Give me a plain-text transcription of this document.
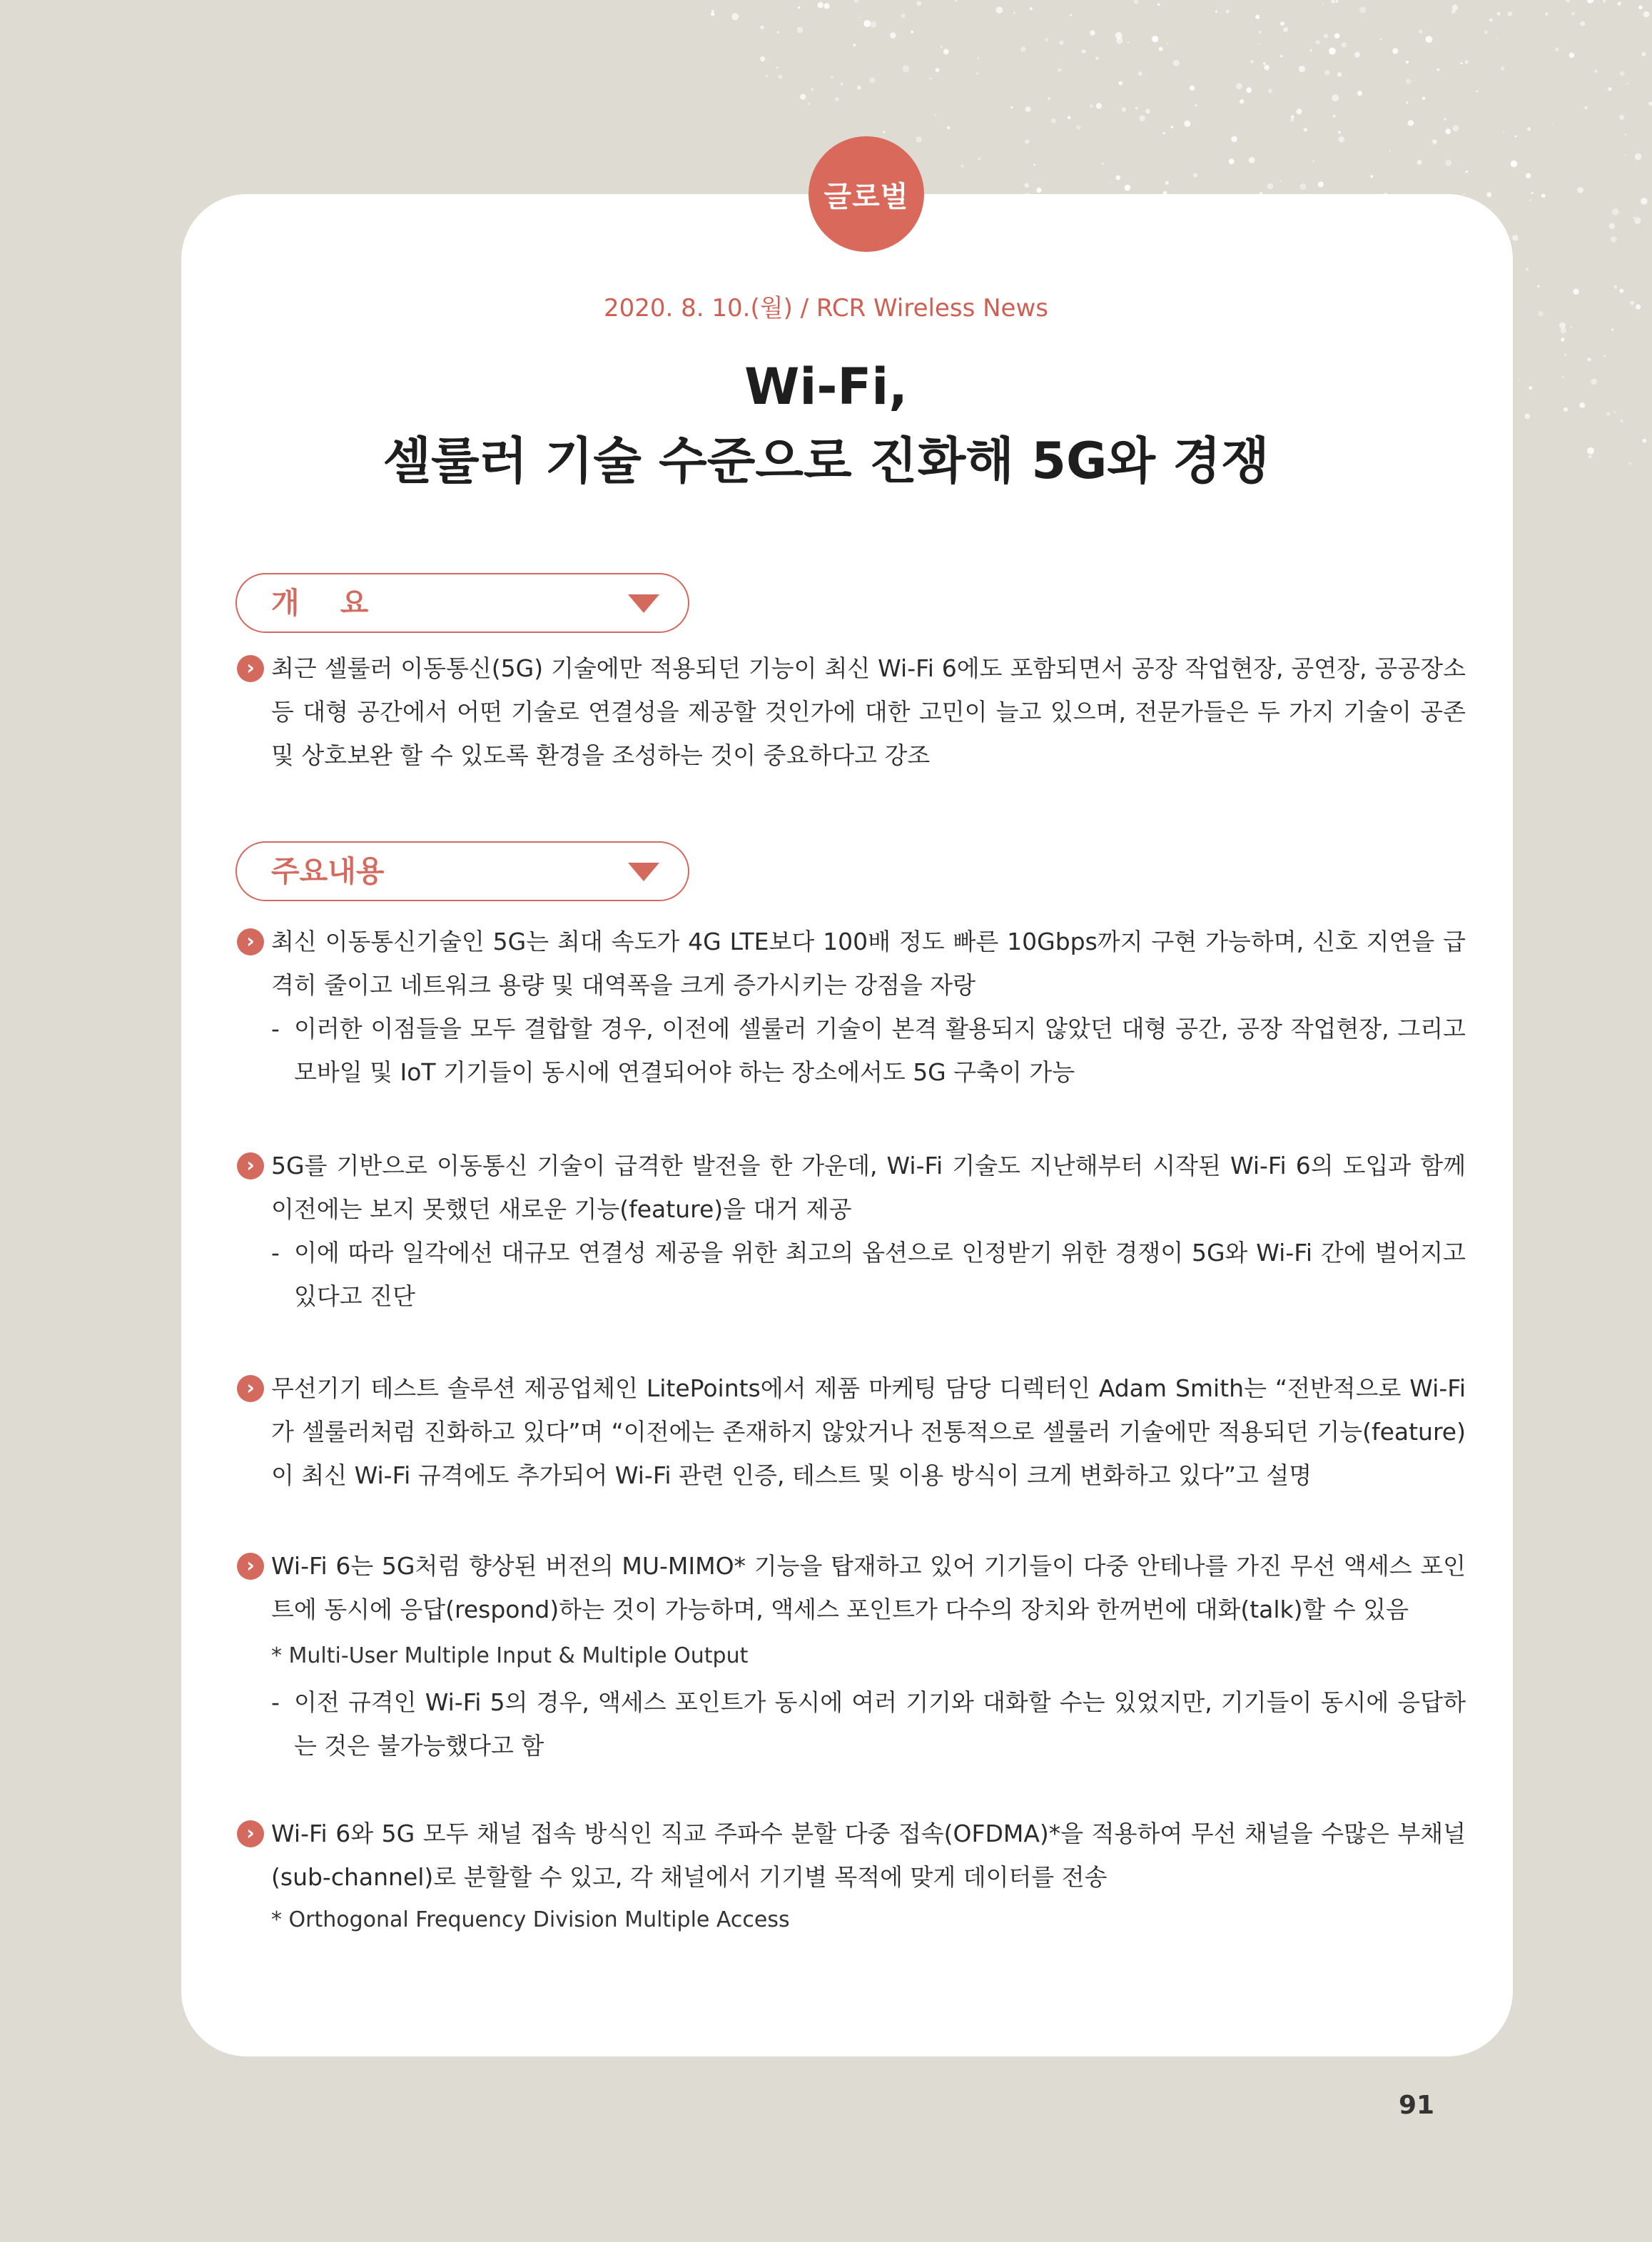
글로벌
2020. 8. 10.(월) / RCR Wireless News
Wi-Fi,
셀룰러 기술 수준으로 진화해 5G와 경쟁
개    요
› 최근 셀룰러 이동통신(5G) 기술에만 적용되던 기능이 최신 Wi-Fi 6에도 포함되면서 공장 작업현장, 공연장, 공공장소 등 대형 공간에서 어떤 기술로 연결성을 제공할 것인가에 대한 고민이 늘고 있으며, 전문가들은 두 가지 기술이 공존 및 상호보완 할 수 있도록 환경을 조성하는 것이 중요하다고 강조
주요내용
› 최신 이동통신기술인 5G는 최대 속도가 4G LTE보다 100배 정도 빠른 10Gbps까지 구현 가능하며, 신호 지연을 급격히 줄이고 네트워크 용량 및 대역폭을 크게 증가시키는 강점을 자랑
- 이러한 이점들을 모두 결합할 경우, 이전에 셀룰러 기술이 본격 활용되지 않았던 대형 공간, 공장 작업현장, 그리고 모바일 및 IoT 기기들이 동시에 연결되어야 하는 장소에서도 5G 구축이 가능
› 5G를 기반으로 이동통신 기술이 급격한 발전을 한 가운데, Wi-Fi 기술도 지난해부터 시작된 Wi-Fi 6의 도입과 함께 이전에는 보지 못했던 새로운 기능(feature)을 대거 제공
- 이에 따라 일각에선 대규모 연결성 제공을 위한 최고의 옵션으로 인정받기 위한 경쟁이 5G와 Wi-Fi 간에 벌어지고 있다고 진단
› 무선기기 테스트 솔루션 제공업체인 LitePoints에서 제품 마케팅 담당 디렉터인 Adam Smith는 “전반적으로 Wi-Fi가 셀룰러처럼 진화하고 있다”며 “이전에는 존재하지 않았거나 전통적으로 셀룰러 기술에만 적용되던 기능(feature)이 최신 Wi-Fi 규격에도 추가되어 Wi-Fi 관련 인증, 테스트 및 이용 방식이 크게 변화하고 있다”고 설명
› Wi-Fi 6는 5G처럼 향상된 버전의 MU-MIMO* 기능을 탑재하고 있어 기기들이 다중 안테나를 가진 무선 액세스 포인트에 동시에 응답(respond)하는 것이 가능하며, 액세스 포인트가 다수의 장치와 한꺼번에 대화(talk)할 수 있음
* Multi-User Multiple Input & Multiple Output
- 이전 규격인 Wi-Fi 5의 경우, 액세스 포인트가 동시에 여러 기기와 대화할 수는 있었지만, 기기들이 동시에 응답하는 것은 불가능했다고 함
› Wi-Fi 6와 5G 모두 채널 접속 방식인 직교 주파수 분할 다중 접속(OFDMA)*을 적용하여 무선 채널을 수많은 부채널(sub-channel)로 분할할 수 있고, 각 채널에서 기기별 목적에 맞게 데이터를 전송
* Orthogonal Frequency Division Multiple Access
91
